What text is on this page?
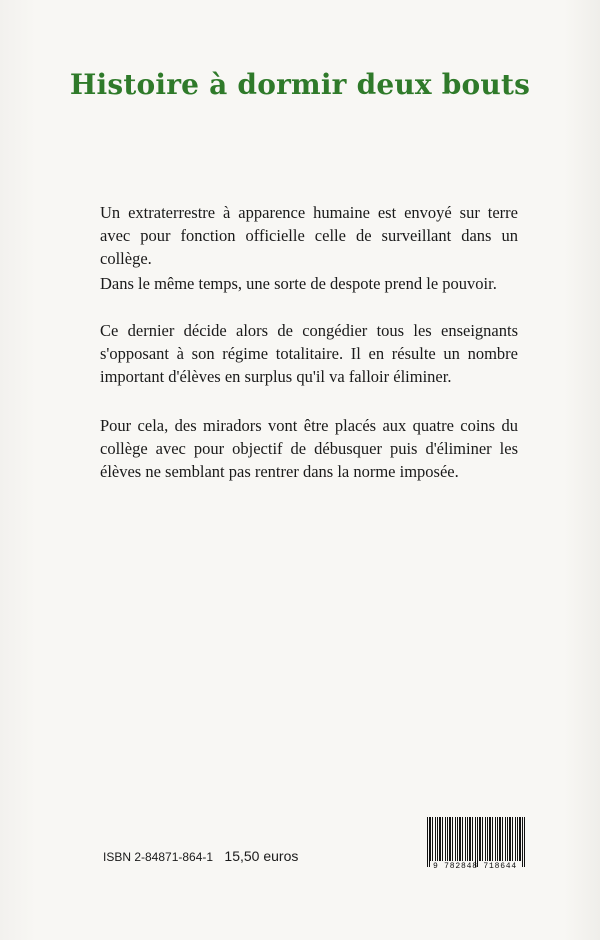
Histoire à dormir deux bouts

Un extraterrestre à apparence humaine est envoyé sur terre avec pour fonction officielle celle de surveillant dans un collège.

Dans le même temps, une sorte de despote prend le pouvoir.

Ce dernier décide alors de congédier tous les enseignants s'opposant à son régime totalitaire. Il en résulte un nombre important d'élèves en surplus qu'il va falloir éliminer.

Pour cela, des miradors vont être placés aux quatre coins du collège avec pour objectif de débusquer puis d'éliminer les élèves ne semblant pas rentrer dans la norme imposée.

ISBN 2-84871-864-1 15,50 euros
9 782848 718644
